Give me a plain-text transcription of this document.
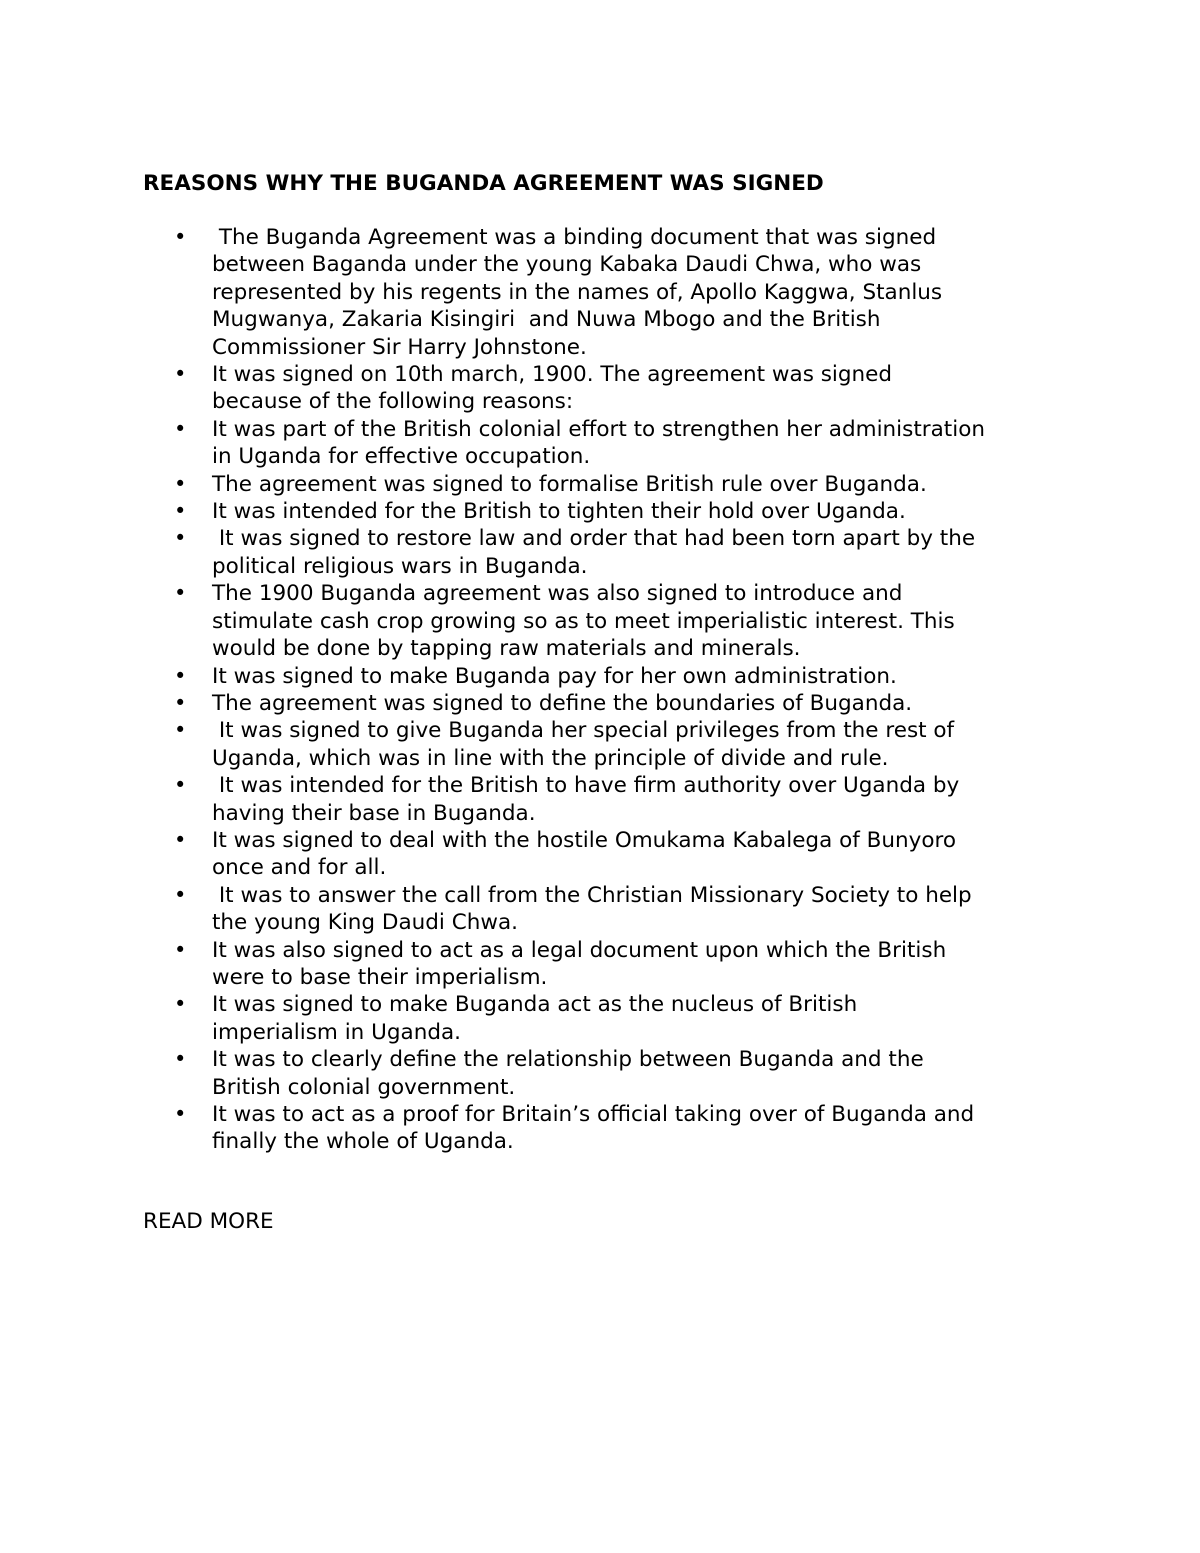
REASONS WHY THE BUGANDA AGREEMENT WAS SIGNED
• The Buganda Agreement was a binding document that was signed
between Baganda under the young Kabaka Daudi Chwa, who was
represented by his regents in the names of, Apollo Kaggwa, Stanlus
Mugwanya, Zakaria Kisingiri  and Nuwa Mbogo and the British
Commissioner Sir Harry Johnstone.
• It was signed on 10th march, 1900. The agreement was signed
because of the following reasons:
• It was part of the British colonial effort to strengthen her administration
in Uganda for effective occupation.
• The agreement was signed to formalise British rule over Buganda.
• It was intended for the British to tighten their hold over Uganda.
• It was signed to restore law and order that had been torn apart by the
political religious wars in Buganda.
• The 1900 Buganda agreement was also signed to introduce and
stimulate cash crop growing so as to meet imperialistic interest. This
would be done by tapping raw materials and minerals.
• It was signed to make Buganda pay for her own administration.
• The agreement was signed to define the boundaries of Buganda.
• It was signed to give Buganda her special privileges from the rest of
Uganda, which was in line with the principle of divide and rule.
• It was intended for the British to have firm authority over Uganda by
having their base in Buganda.
• It was signed to deal with the hostile Omukama Kabalega of Bunyoro
once and for all.
• It was to answer the call from the Christian Missionary Society to help
the young King Daudi Chwa.
• It was also signed to act as a legal document upon which the British
were to base their imperialism.
• It was signed to make Buganda act as the nucleus of British
imperialism in Uganda.
• It was to clearly define the relationship between Buganda and the
British colonial government.
• It was to act as a proof for Britain’s official taking over of Buganda and
finally the whole of Uganda.
READ MORE
